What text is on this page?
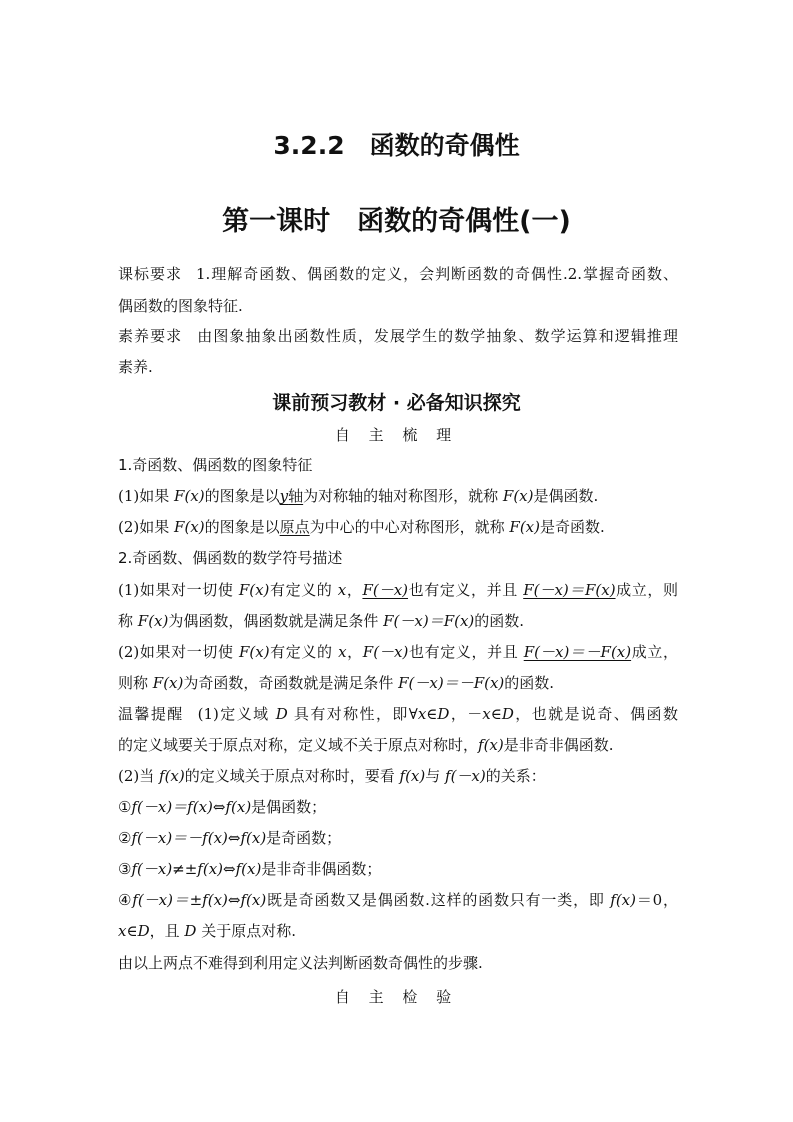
3.2.2　函数的奇偶性
第一课时　函数的奇偶性(一)
课标要求 1.理解奇函数、偶函数的定义，会判断函数的奇偶性.2.掌握奇函数、
偶函数的图象特征.
素养要求 由图象抽象出函数性质，发展学生的数学抽象、数学运算和逻辑推理
素养.
课前预习教材 · 必备知识探究
自 主 梳 理
1.奇函数、偶函数的图象特征
(1)如果 F(x)的图象是以y轴为对称轴的轴对称图形，就称 F(x)是偶函数.
(2)如果 F(x)的图象是以原点为中心的中心对称图形，就称 F(x)是奇函数.
2.奇函数、偶函数的数学符号描述
(1)如果对一切使 F(x)有定义的 x，F(－x)也有定义，并且 F(－x)＝F(x)成立，则
称 F(x)为偶函数，偶函数就是满足条件 F(－x)＝F(x)的函数.
(2)如果对一切使 F(x)有定义的 x，F(－x)也有定义，并且 F(－x)＝－F(x)成立，
则称 F(x)为奇函数，奇函数就是满足条件 F(－x)＝－F(x)的函数.
温馨提醒 (1)定义域 D 具有对称性，即∀x∈D，－x∈D，也就是说奇、偶函数
的定义域要关于原点对称，定义域不关于原点对称时，f(x)是非奇非偶函数.
(2)当 f(x)的定义域关于原点对称时，要看 f(x)与 f(－x)的关系：
①f(－x)＝f(x)⇔f(x)是偶函数；
②f(－x)＝－f(x)⇔f(x)是奇函数；
③f(－x)≠±f(x)⇔f(x)是非奇非偶函数；
④f(－x)＝±f(x)⇔f(x)既是奇函数又是偶函数.这样的函数只有一类，即 f(x)＝0，
x∈D，且 D 关于原点对称.
由以上两点不难得到利用定义法判断函数奇偶性的步骤.
自 主 检 验
